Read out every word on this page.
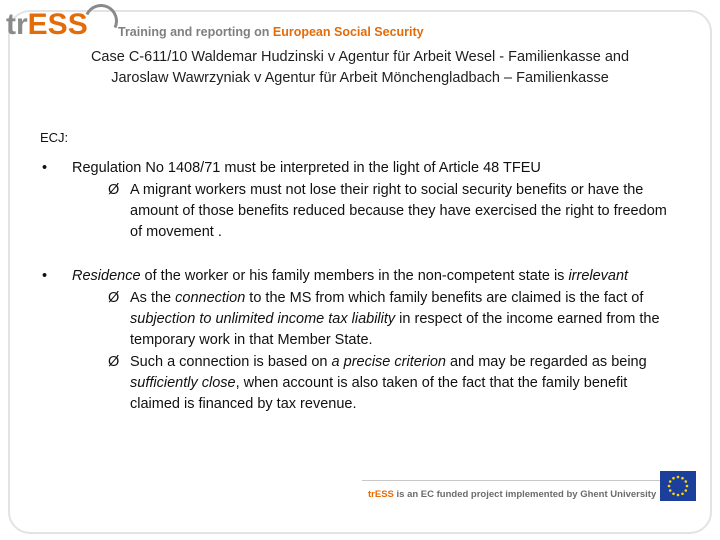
tr ESS Training and reporting on European Social Security
Case C-611/10 Waldemar Hudzinski v Agentur für Arbeit Wesel - Familienkasse and
Jaroslaw Wawrzyniak v Agentur für Arbeit Mönchengladbach – Familienkasse
ECJ:
•	Regulation No 1408/71 must be interpreted in the light of Article 48 TFEU
Ø A migrant workers must not lose their right to social security benefits or have the amount of those benefits reduced because they have exercised the right to freedom of movement .
•	Residence of the worker or his family members in the non-competent state is irrelevant
Ø As the connection to the MS from which family benefits are claimed is the fact of subjection to unlimited income tax liability in respect of the income earned from the temporary work in that Member State.
Ø Such a connection is based on a precise criterion and may be regarded as being sufficiently close, when account is also taken of the fact that the family benefit claimed is financed by tax revenue.
trESS is an EC funded project implemented by Ghent University
